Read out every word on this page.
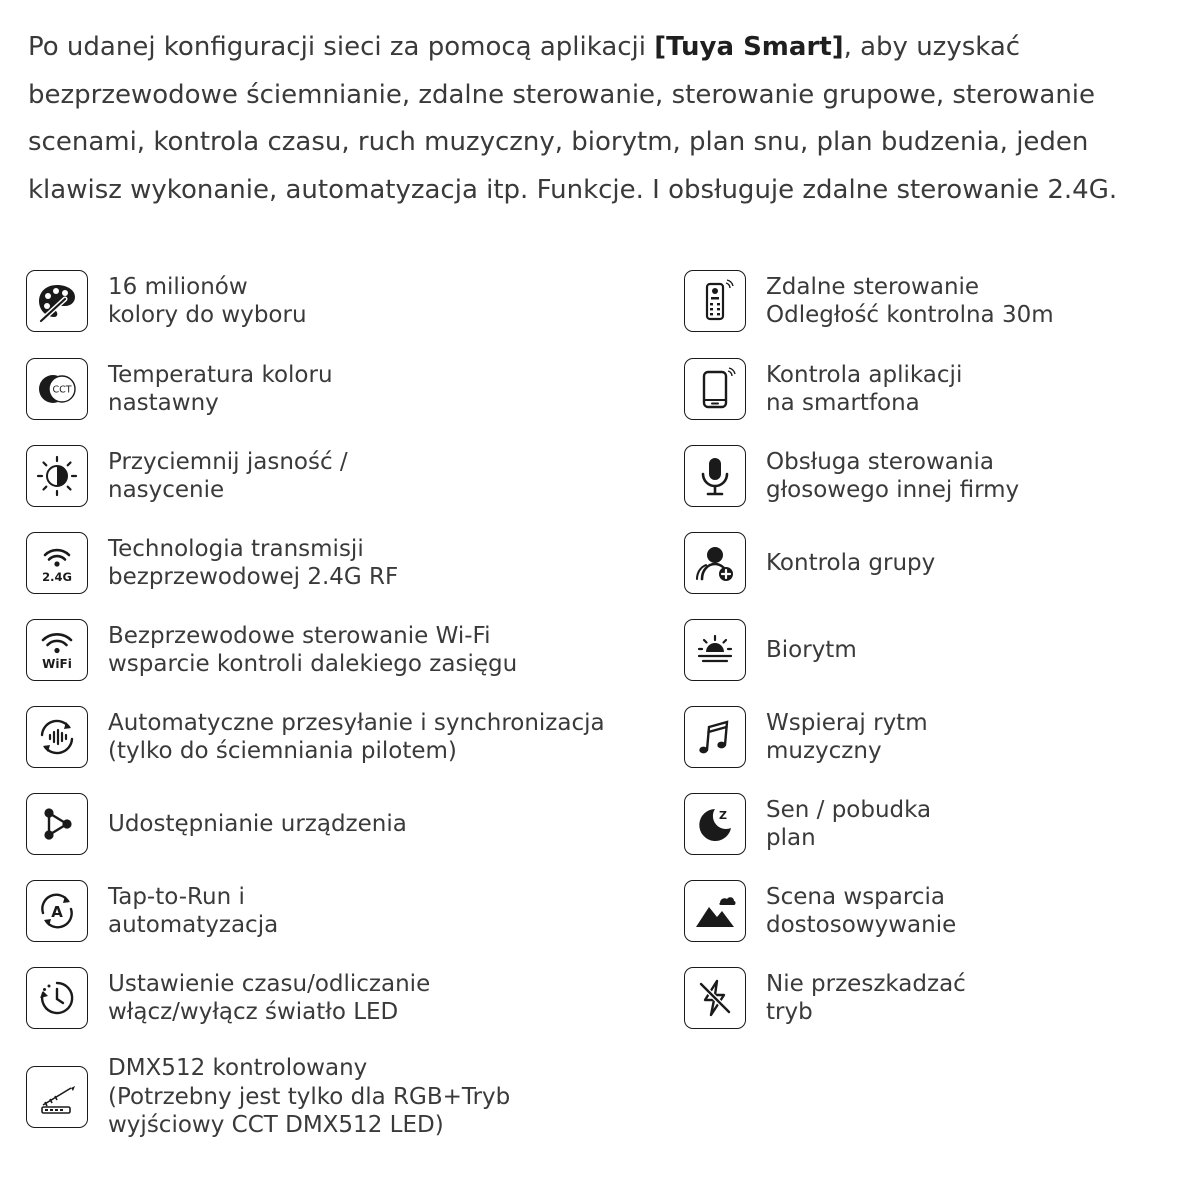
Po udanej konfiguracji sieci za pomocą aplikacji [Tuya Smart], aby uzyskać bezprzewodowe ściemnianie, zdalne sterowanie, sterowanie grupowe, sterowanie scenami, kontrola czasu, ruch muzyczny, biorytm, plan snu, plan budzenia, jeden klawisz wykonanie, automatyzacja itp. Funkcje. I obsługuje zdalne sterowanie 2.4G.

16 milionów
kolory do wyboru
CCT
Temperatura koloru
nastawny
Przyciemnij jasność /
nasycenie
2.4G
Technologia transmisji
bezprzewodowej 2.4G RF
WiFi
Bezprzewodowe sterowanie Wi-Fi
wsparcie kontroli dalekiego zasięgu
Automatyczne przesyłanie i synchronizacja
(tylko do ściemniania pilotem)
Udostępnianie urządzenia
A
Tap-to-Run i
automatyzacja
Ustawienie czasu/odliczanie
włącz/wyłącz światło LED
DMX512 kontrolowany
(Potrzebny jest tylko dla RGB+Tryb
wyjściowy CCT DMX512 LED)
Zdalne sterowanie
Odległość kontrolna 30m
Kontrola aplikacji
na smartfona
Obsługa sterowania
głosowego innej firmy
Kontrola grupy
Biorytm
Wspieraj rytm
muzyczny
Z Sen / pobudka
plan
Scena wsparcia
dostosowywanie
Nie przeszkadzać
tryb
